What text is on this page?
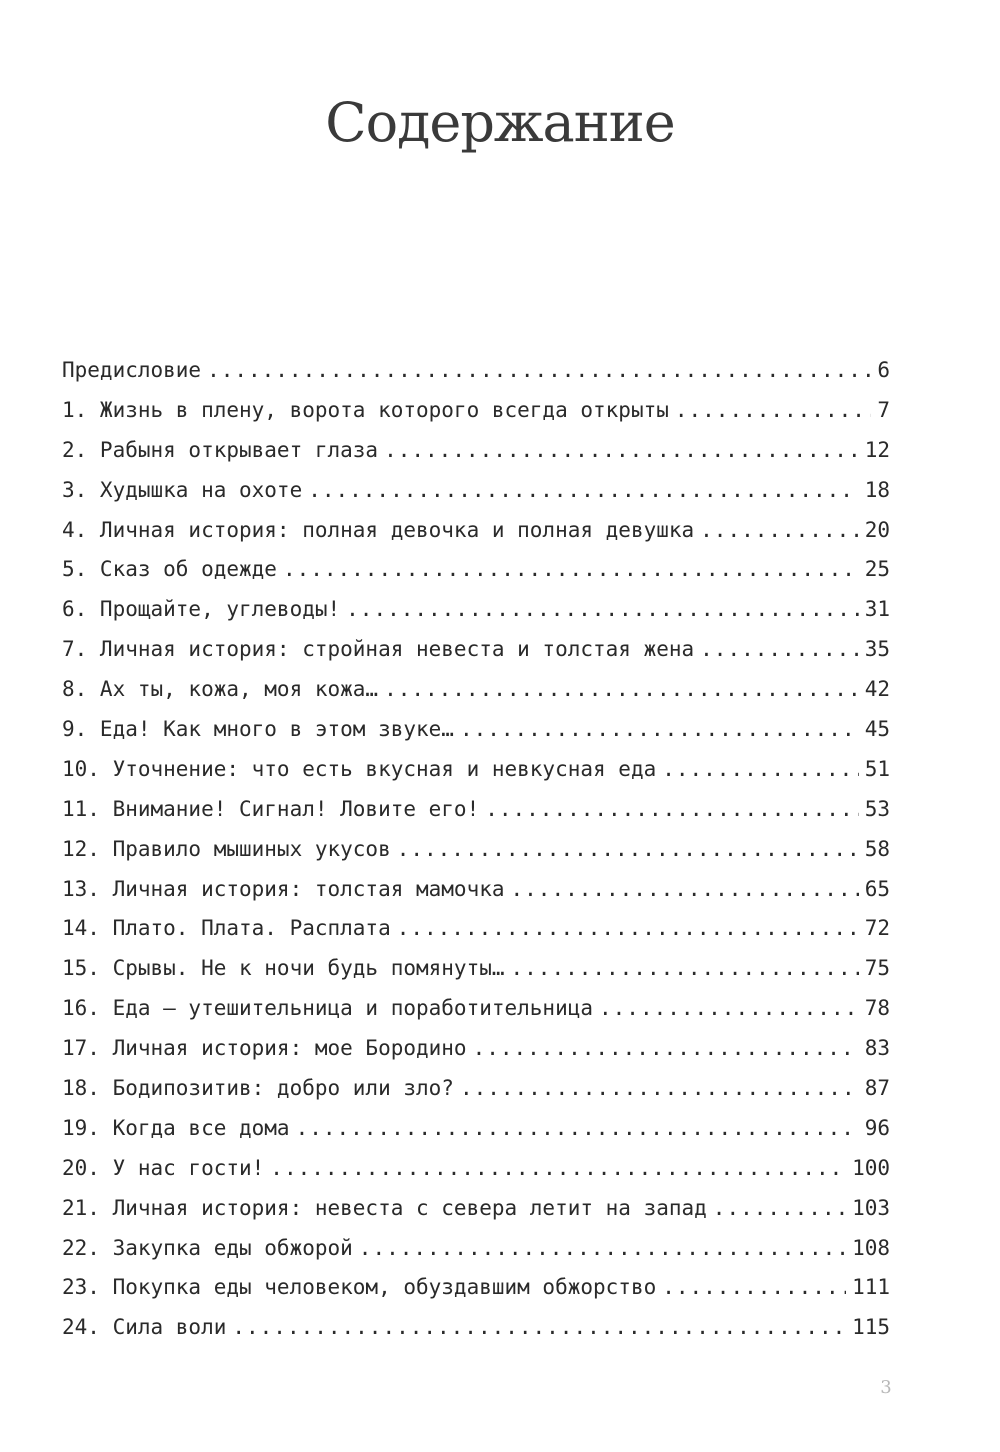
Содержание
Предисловие .....	6
1. Жизнь в плену, ворота которого всегда открыты .....	7
2. Рабыня открывает глаза .....	12
3. Худышка на охоте .....	18
4. Личная история: полная девочка и полная девушка .....	20
5. Сказ об одежде .....	25
6. Прощайте, углеводы! .....	31
7. Личная история: стройная невеста и толстая жена .....	35
8. Ах ты, кожа, моя кожа… .....	42
9. Еда! Как много в этом звуке… .....	45
10. Уточнение: что есть вкусная и невкусная еда .....	51
11. Внимание! Сигнал! Ловите его! .....	53
12. Правило мышиных укусов .....	58
13. Личная история: толстая мамочка .....	65
14. Плато. Плата. Расплата .....	72
15. Срывы. Не к ночи будь помянуты… .....	75
16. Еда — утешительница и поработительница .....	78
17. Личная история: мое Бородино .....	83
18. Бодипозитив: добро или зло? .....	87
19. Когда все дома .....	96
20. У нас гости! .....	100
21. Личная история: невеста с севера летит на запад .....	103
22. Закупка еды обжорой .....	108
23. Покупка еды человеком, обуздавшим обжорство .....	111
24. Сила воли .....	115
3
